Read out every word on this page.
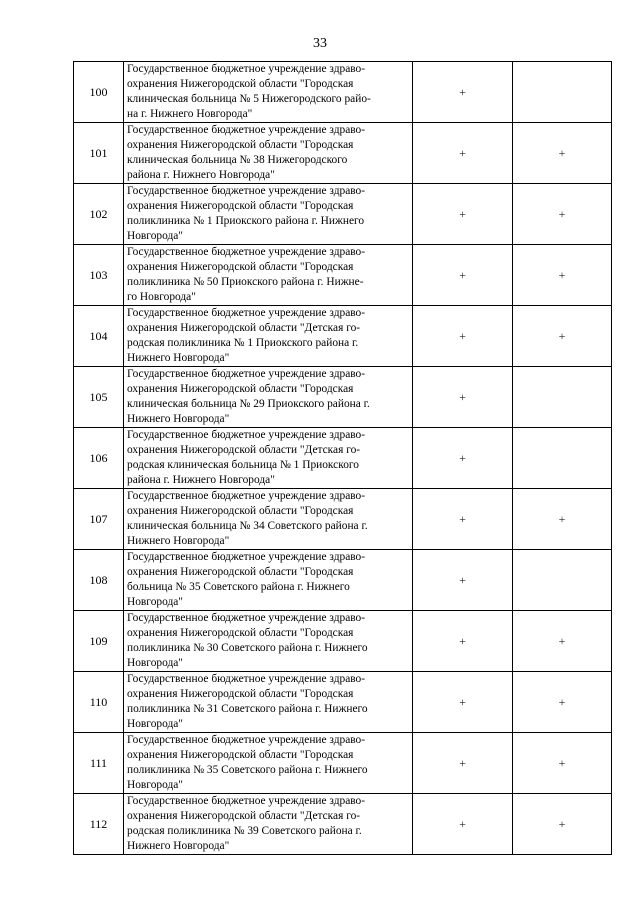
33
100	Государственное бюджетное учреждение здраво-
охранения Нижегородской области "Городская
клиническая больница № 5 Нижегородского райо-
на г. Нижнего Новгорода"	+	
101	Государственное бюджетное учреждение здраво-
охранения Нижегородской области "Городская
клиническая больница № 38 Нижегородского
района г. Нижнего Новгорода"	+	+
102	Государственное бюджетное учреждение здраво-
охранения Нижегородской области "Городская
поликлиника № 1 Приокского района г. Нижнего
Новгорода"	+	+
103	Государственное бюджетное учреждение здраво-
охранения Нижегородской области "Городская
поликлиника № 50 Приокского района г. Нижне-
го Новгорода"	+	+
104	Государственное бюджетное учреждение здраво-
охранения Нижегородской области "Детская го-
родская поликлиника № 1 Приокского района г.
Нижнего Новгорода"	+	+
105	Государственное бюджетное учреждение здраво-
охранения Нижегородской области "Городская
клиническая больница № 29 Приокского района г.
Нижнего Новгорода"	+	
106	Государственное бюджетное учреждение здраво-
охранения Нижегородской области "Детская го-
родская клиническая больница № 1 Приокского
района г. Нижнего Новгорода"	+	
107	Государственное бюджетное учреждение здраво-
охранения Нижегородской области "Городская
клиническая больница № 34 Советского района г.
Нижнего Новгорода"	+	+
108	Государственное бюджетное учреждение здраво-
охранения Нижегородской области "Городская
больница № 35 Советского района г. Нижнего
Новгорода"	+	
109	Государственное бюджетное учреждение здраво-
охранения Нижегородской области "Городская
поликлиника № 30 Советского района г. Нижнего
Новгорода"	+	+
110	Государственное бюджетное учреждение здраво-
охранения Нижегородской области "Городская
поликлиника № 31 Советского района г. Нижнего
Новгорода"	+	+
111	Государственное бюджетное учреждение здраво-
охранения Нижегородской области "Городская
поликлиника № 35 Советского района г. Нижнего
Новгорода"	+	+
112	Государственное бюджетное учреждение здраво-
охранения Нижегородской области "Детская го-
родская поликлиника № 39 Советского района г.
Нижнего Новгорода"	+	+
